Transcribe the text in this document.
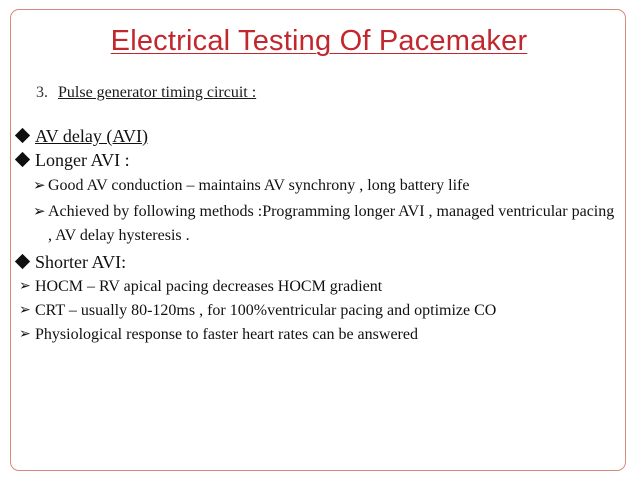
Electrical Testing Of Pacemaker
3. Pulse generator timing circuit :
AV delay (AVI)
Longer AVI :
➢ Good AV conduction – maintains AV synchrony , long battery life
➢ Achieved by following methods :Programming longer AVI , managed ventricular pacing , AV delay hysteresis .
Shorter AVI:
➢ HOCM – RV apical pacing decreases HOCM gradient
➢ CRT – usually 80-120ms , for 100%ventricular pacing and optimize CO
➢ Physiological response to faster heart rates can be answered
